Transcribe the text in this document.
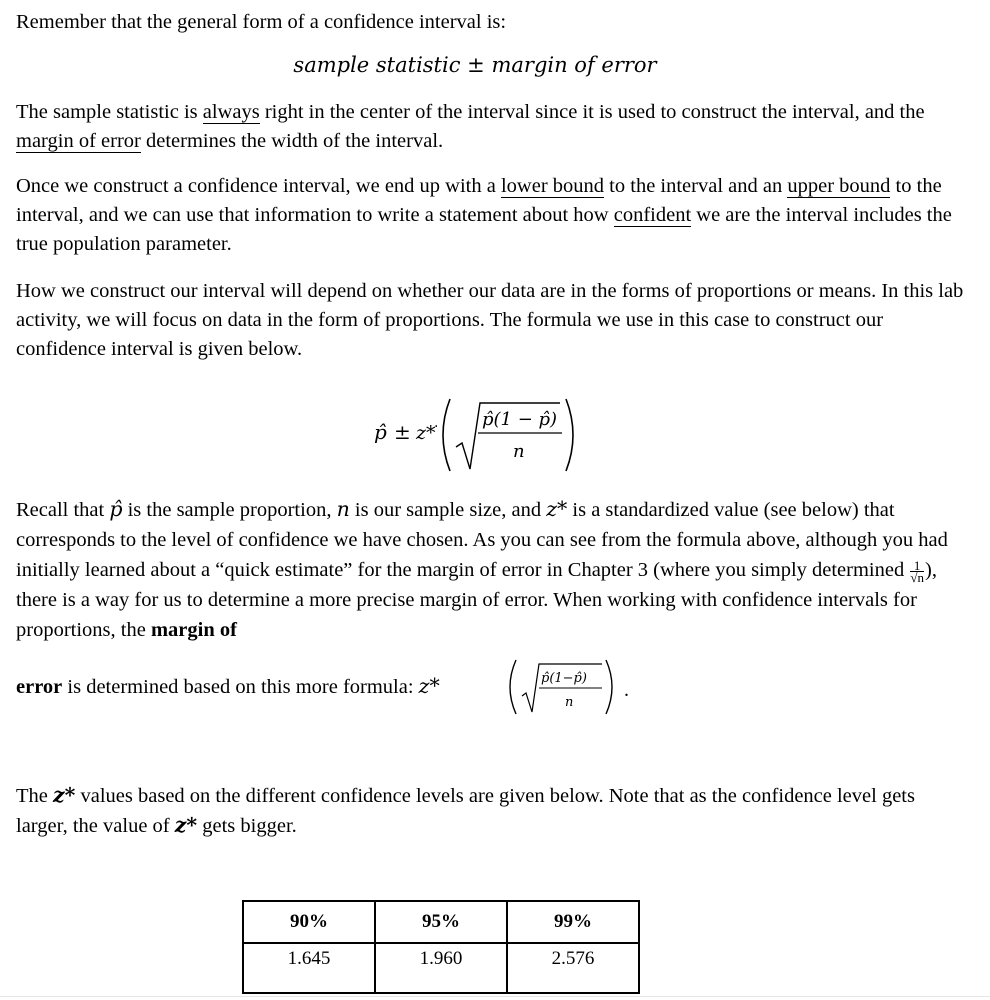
Remember that the general form of a confidence interval is:

sample statistic ± margin of error

The sample statistic is always right in the center of the interval since it is used to construct the interval, and the margin of error determines the width of the interval.

Once we construct a confidence interval, we end up with a lower bound to the interval and an upper bound to the interval, and we can use that information to write a statement about how confident we are the interval includes the true population parameter.

How we construct our interval will depend on whether our data are in the forms of proportions or means. In this lab activity, we will focus on data in the form of proportions. The formula we use in this case to construct our confidence interval is given below.

p̂ ± z*
· p̂(1 − p̂)
n

Recall that p̂ is the sample proportion, n is our sample size, and z* is a standardized value (see below) that corresponds to the level of confidence we have chosen. As you can see from the formula above, although you had initially learned about a “quick estimate” for the margin of error in Chapter 3 (where you simply determined $\frac{1}{√n}$ ), there is a way for us to determine a more precise margin of error. When working with confidence intervals for proportions, the margin of

error is determined based on this more formula: z*	p̂(1−p̂)
n
.

The z* values based on the different confidence levels are given below. Note that as the confidence level gets larger, the value of z* gets bigger.

90%	95%	99%
1.645	1.960	2.576
